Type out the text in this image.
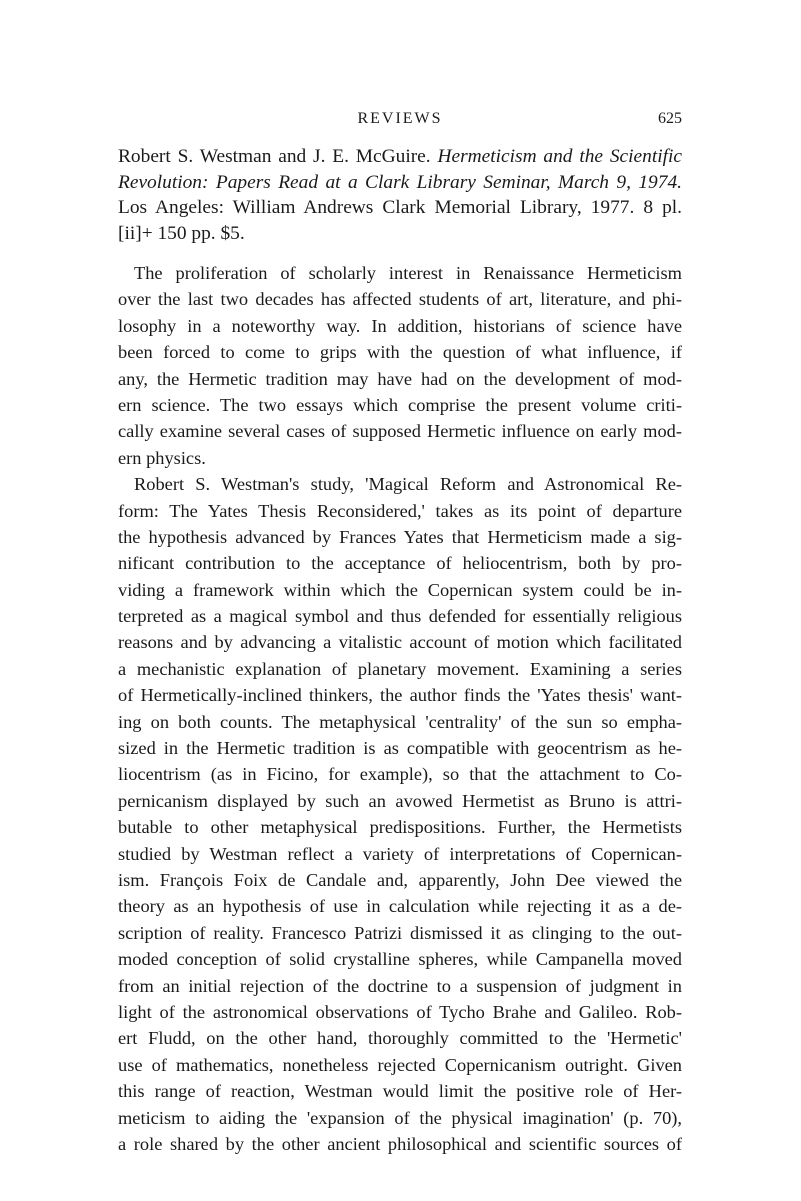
REVIEWS	625
Robert S. Westman and J. E. McGuire. Hermeticism and the Scientific Revolution: Papers Read at a Clark Library Seminar, March 9, 1974. Los Angeles: William Andrews Clark Memorial Library, 1977. 8 pl. [ii]+ 150 pp. $5.
The proliferation of scholarly interest in Renaissance Hermeticism
over the last two decades has affected students of art, literature, and phi-
losophy in a noteworthy way. In addition, historians of science have
been forced to come to grips with the question of what influence, if
any, the Hermetic tradition may have had on the development of mod-
ern science. The two essays which comprise the present volume criti-
cally examine several cases of supposed Hermetic influence on early mod-
ern physics.
Robert S. Westman's study, 'Magical Reform and Astronomical Re-
form: The Yates Thesis Reconsidered,' takes as its point of departure
the hypothesis advanced by Frances Yates that Hermeticism made a sig-
nificant contribution to the acceptance of heliocentrism, both by pro-
viding a framework within which the Copernican system could be in-
terpreted as a magical symbol and thus defended for essentially religious
reasons and by advancing a vitalistic account of motion which facilitated
a mechanistic explanation of planetary movement. Examining a series
of Hermetically-inclined thinkers, the author finds the 'Yates thesis' want-
ing on both counts. The metaphysical 'centrality' of the sun so empha-
sized in the Hermetic tradition is as compatible with geocentrism as he-
liocentrism (as in Ficino, for example), so that the attachment to Co-
pernicanism displayed by such an avowed Hermetist as Bruno is attri-
butable to other metaphysical predispositions. Further, the Hermetists
studied by Westman reflect a variety of interpretations of Copernican-
ism. François Foix de Candale and, apparently, John Dee viewed the
theory as an hypothesis of use in calculation while rejecting it as a de-
scription of reality. Francesco Patrizi dismissed it as clinging to the out-
moded conception of solid crystalline spheres, while Campanella moved
from an initial rejection of the doctrine to a suspension of judgment in
light of the astronomical observations of Tycho Brahe and Galileo. Rob-
ert Fludd, on the other hand, thoroughly committed to the 'Hermetic'
use of mathematics, nonetheless rejected Copernicanism outright. Given
this range of reaction, Westman would limit the positive role of Her-
meticism to aiding the 'expansion of the physical imagination' (p. 70),
a role shared by the other ancient philosophical and scientific sources of
